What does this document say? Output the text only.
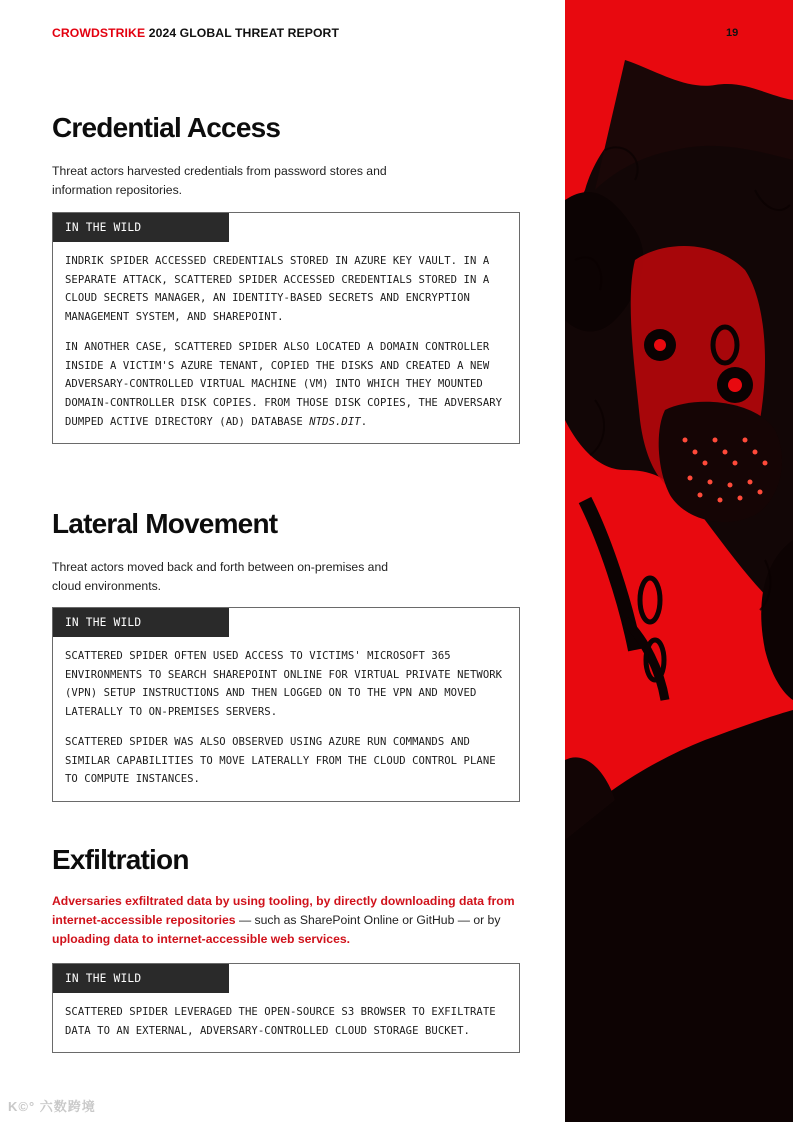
CROWDSTRIKE 2024 GLOBAL THREAT REPORT	19
Credential Access

Threat actors harvested credentials from password stores and
information repositories.

IN THE WILD

INDRIK SPIDER ACCESSED CREDENTIALS STORED IN AZURE KEY VAULT. IN A SEPARATE ATTACK, SCATTERED SPIDER ACCESSED CREDENTIALS STORED IN A CLOUD SECRETS MANAGER, AN IDENTITY-BASED SECRETS AND ENCRYPTION MANAGEMENT SYSTEM, AND SHAREPOINT.

IN ANOTHER CASE, SCATTERED SPIDER ALSO LOCATED A DOMAIN CONTROLLER INSIDE A VICTIM'S AZURE TENANT, COPIED THE DISKS AND CREATED A NEW ADVERSARY-CONTROLLED VIRTUAL MACHINE (VM) INTO WHICH THEY MOUNTED DOMAIN-CONTROLLER DISK COPIES. FROM THOSE DISK COPIES, THE ADVERSARY DUMPED ACTIVE DIRECTORY (AD) DATABASE NTDS.DIT.

Lateral Movement

Threat actors moved back and forth between on-premises and
cloud environments.

IN THE WILD

SCATTERED SPIDER OFTEN USED ACCESS TO VICTIMS' MICROSOFT 365 ENVIRONMENTS TO SEARCH SHAREPOINT ONLINE FOR VIRTUAL PRIVATE NETWORK (VPN) SETUP INSTRUCTIONS AND THEN LOGGED ON TO THE VPN AND MOVED LATERALLY TO ON-PREMISES SERVERS.

SCATTERED SPIDER WAS ALSO OBSERVED USING AZURE RUN COMMANDS AND SIMILAR CAPABILITIES TO MOVE LATERALLY FROM THE CLOUD CONTROL PLANE TO COMPUTE INSTANCES.

Exfiltration

Adversaries exfiltrated data by using tooling, by directly downloading data from internet-accessible repositories — such as SharePoint Online or GitHub — or by uploading data to internet-accessible web services.

IN THE WILD

SCATTERED SPIDER LEVERAGED THE OPEN-SOURCE S3 BROWSER TO EXFILTRATE DATA TO AN EXTERNAL, ADVERSARY-CONTROLLED CLOUD STORAGE BUCKET.

K©° 六数跨境
